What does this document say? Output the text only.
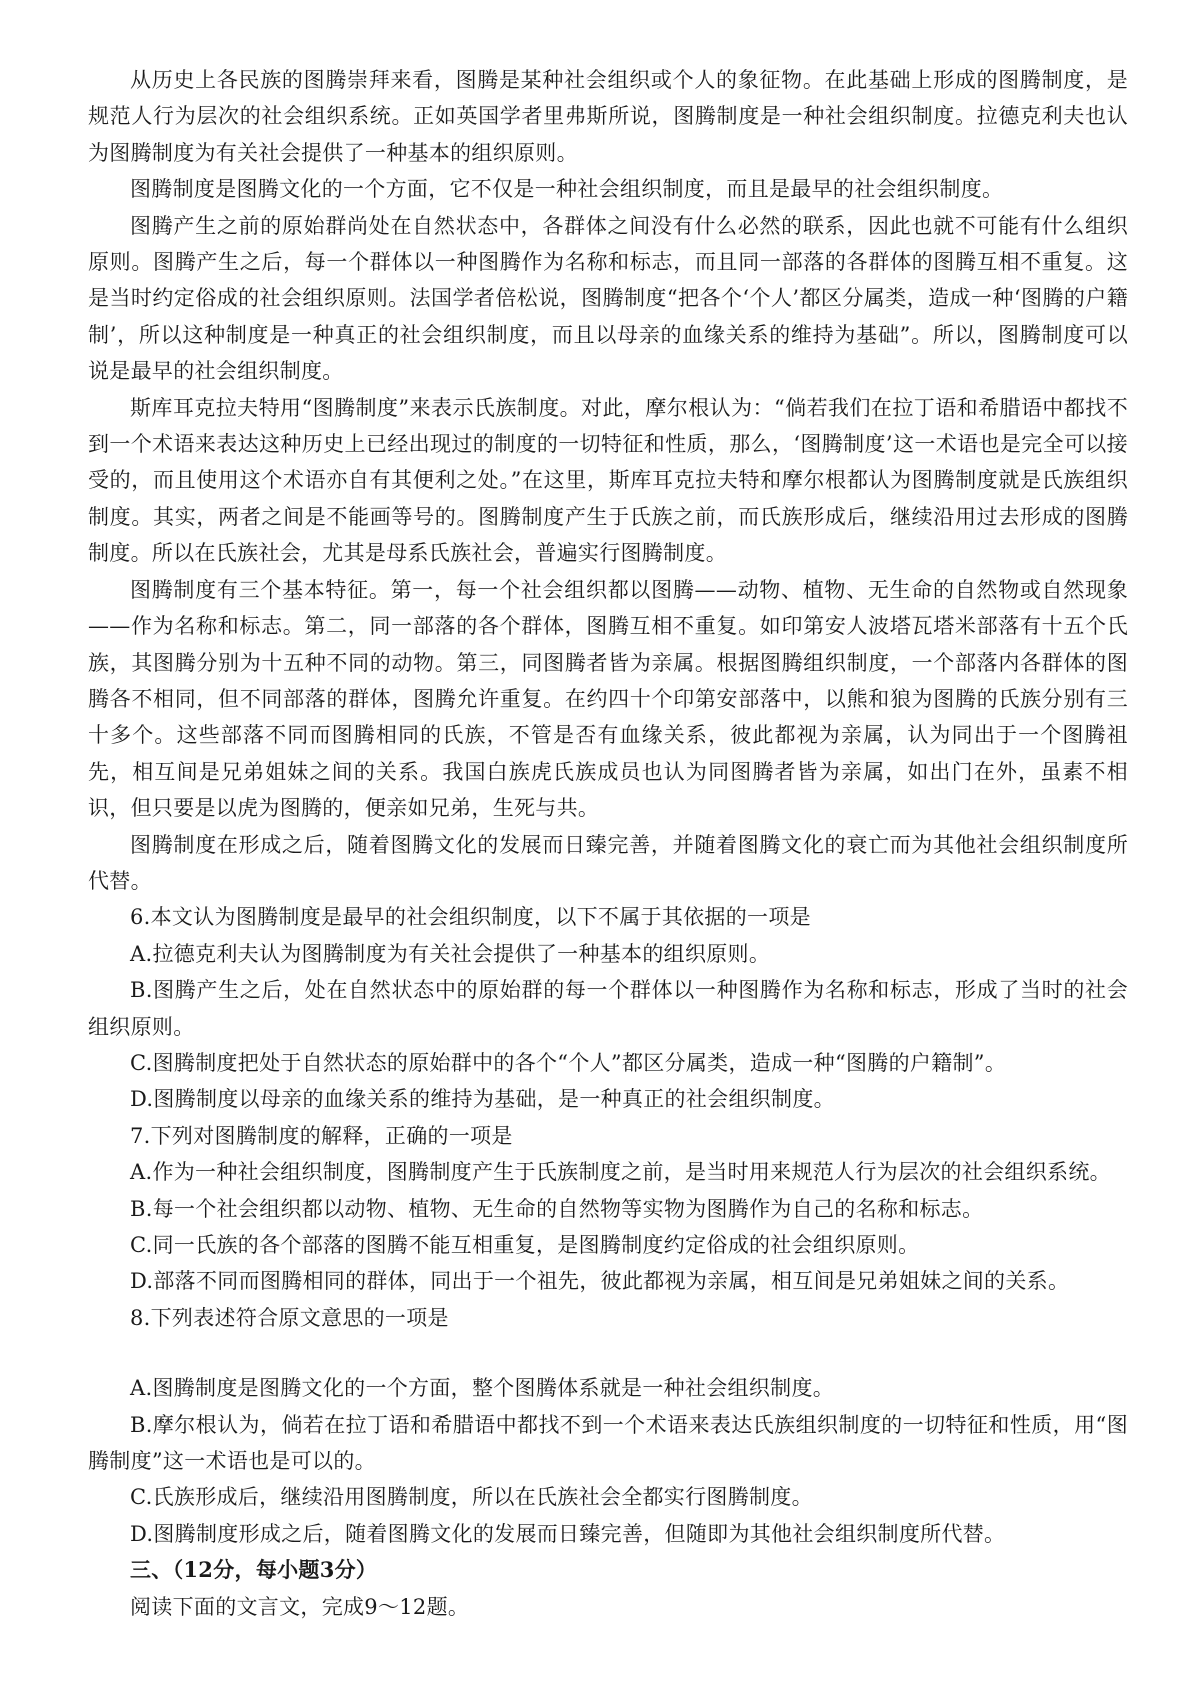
从历史上各民族的图腾崇拜来看，图腾是某种社会组织或个人的象征物。在此基础上形成的图腾制度，是规范人行为层次的社会组织系统。正如英国学者里弗斯所说，图腾制度是一种社会组织制度。拉德克利夫也认为图腾制度为有关社会提供了一种基本的组织原则。

图腾制度是图腾文化的一个方面，它不仅是一种社会组织制度，而且是最早的社会组织制度。

图腾产生之前的原始群尚处在自然状态中，各群体之间没有什么必然的联系，因此也就不可能有什么组织原则。图腾产生之后，每一个群体以一种图腾作为名称和标志，而且同一部落的各群体的图腾互相不重复。这是当时约定俗成的社会组织原则。法国学者倍松说，图腾制度“把各个‘个人’都区分属类，造成一种‘图腾的户籍制’，所以这种制度是一种真正的社会组织制度，而且以母亲的血缘关系的维持为基础”。所以，图腾制度可以说是最早的社会组织制度。

斯库耳克拉夫特用“图腾制度”来表示氏族制度。对此，摩尔根认为：“倘若我们在拉丁语和希腊语中都找不到一个术语来表达这种历史上已经出现过的制度的一切特征和性质，那么，‘图腾制度’这一术语也是完全可以接受的，而且使用这个术语亦自有其便利之处。”在这里，斯库耳克拉夫特和摩尔根都认为图腾制度就是氏族组织制度。其实，两者之间是不能画等号的。图腾制度产生于氏族之前，而氏族形成后，继续沿用过去形成的图腾制度。所以在氏族社会，尤其是母系氏族社会，普遍实行图腾制度。

图腾制度有三个基本特征。第一，每一个社会组织都以图腾——动物、植物、无生命的自然物或自然现象——作为名称和标志。第二，同一部落的各个群体，图腾互相不重复。如印第安人波塔瓦塔米部落有十五个氏族，其图腾分别为十五种不同的动物。第三，同图腾者皆为亲属。根据图腾组织制度，一个部落内各群体的图腾各不相同，但不同部落的群体，图腾允许重复。在约四十个印第安部落中，以熊和狼为图腾的氏族分别有三十多个。这些部落不同而图腾相同的氏族，不管是否有血缘关系，彼此都视为亲属，认为同出于一个图腾祖先，相互间是兄弟姐妹之间的关系。我国白族虎氏族成员也认为同图腾者皆为亲属，如出门在外，虽素不相识，但只要是以虎为图腾的，便亲如兄弟，生死与共。

图腾制度在形成之后，随着图腾文化的发展而日臻完善，并随着图腾文化的衰亡而为其他社会组织制度所代替。

6.本文认为图腾制度是最早的社会组织制度，以下不属于其依据的一项是

A.拉德克利夫认为图腾制度为有关社会提供了一种基本的组织原则。

B.图腾产生之后，处在自然状态中的原始群的每一个群体以一种图腾作为名称和标志，形成了当时的社会组织原则。

C.图腾制度把处于自然状态的原始群中的各个“个人”都区分属类，造成一种“图腾的户籍制”。

D.图腾制度以母亲的血缘关系的维持为基础，是一种真正的社会组织制度。

7.下列对图腾制度的解释，正确的一项是

A.作为一种社会组织制度，图腾制度产生于氏族制度之前，是当时用来规范人行为层次的社会组织系统。

B.每一个社会组织都以动物、植物、无生命的自然物等实物为图腾作为自己的名称和标志。

C.同一氏族的各个部落的图腾不能互相重复，是图腾制度约定俗成的社会组织原则。

D.部落不同而图腾相同的群体，同出于一个祖先，彼此都视为亲属，相互间是兄弟姐妹之间的关系。

8.下列表述符合原文意思的一项是

A.图腾制度是图腾文化的一个方面，整个图腾体系就是一种社会组织制度。

B.摩尔根认为，倘若在拉丁语和希腊语中都找不到一个术语来表达氏族组织制度的一切特征和性质，用“图腾制度”这一术语也是可以的。

C.氏族形成后，继续沿用图腾制度，所以在氏族社会全都实行图腾制度。

D.图腾制度形成之后，随着图腾文化的发展而日臻完善，但随即为其他社会组织制度所代替。

三、（12分，每小题3分）

阅读下面的文言文，完成9～12题。
